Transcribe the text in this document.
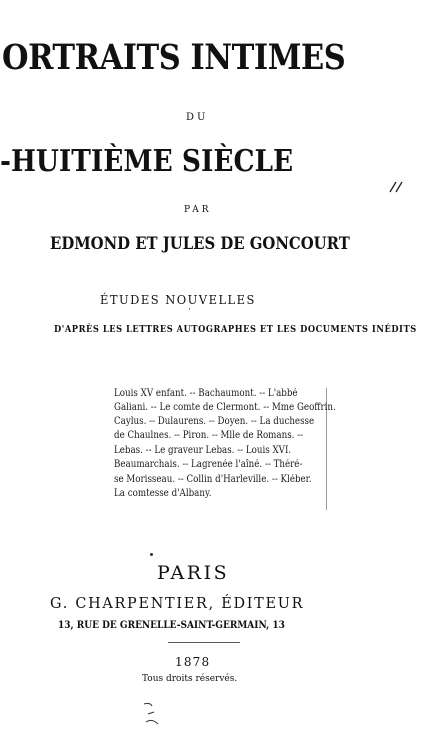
ORTRAITS INTIMES
DU
-HUITIÈME SIÈCLE
PAR
EDMOND ET JULES DE GONCOURT
ÉTUDES NOUVELLES
·
D'APRÈS LES LETTRES AUTOGRAPHES ET LES DOCUMENTS INÉDITS
Louis XV enfant. -- Bachaumont. -- L'abbé
Galiani. -- Le comte de Clermont. -- Mme Geoffrin.
Caylus. -- Dulaurens. -- Doyen. -- La duchesse
de Chaulnes. -- Piron. -- Mlle de Romans. --
Lebas. -- Le graveur Lebas. -- Louis XVI.
Beaumarchais. -- Lagrenée l'aîné. -- Théré-
se Morisseau. -- Collin d'Harleville. -- Kléber.
La comtesse d'Albany.
PARIS
G. CHARPENTIER, ÉDITEUR
13, RUE DE GRENELLE-SAINT-GERMAIN, 13
1878
Tous droits réservés.
